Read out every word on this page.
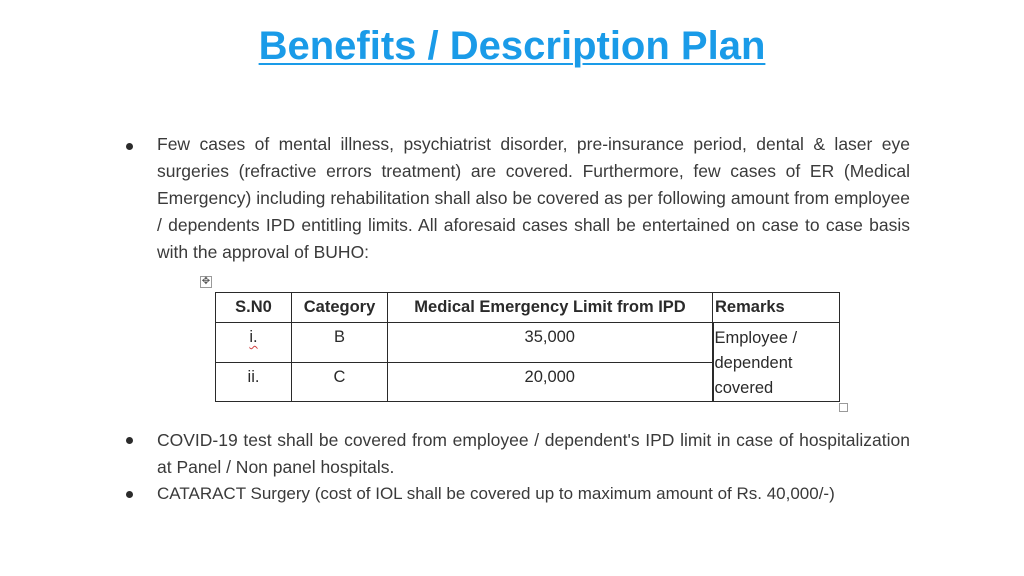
Benefits / Description Plan
Few cases of mental illness, psychiatrist disorder, pre-insurance period, dental & laser eye surgeries (refractive errors treatment) are covered. Furthermore, few cases of ER (Medical Emergency) including rehabilitation shall also be covered as per following amount from employee / dependents IPD entitling limits. All aforesaid cases shall be entertained on case to case basis with the approval of BUHO:
✥
S.N0	Category	Medical Emergency Limit from IPD	Remarks
i.	B	35,000	Employee / dependent covered
ii.	C	20,000	
COVID-19 test shall be covered from employee / dependent's IPD limit in case of hospitalization at Panel / Non panel hospitals.
CATARACT Surgery (cost of IOL shall be covered up to maximum amount of Rs. 40,000/-)
